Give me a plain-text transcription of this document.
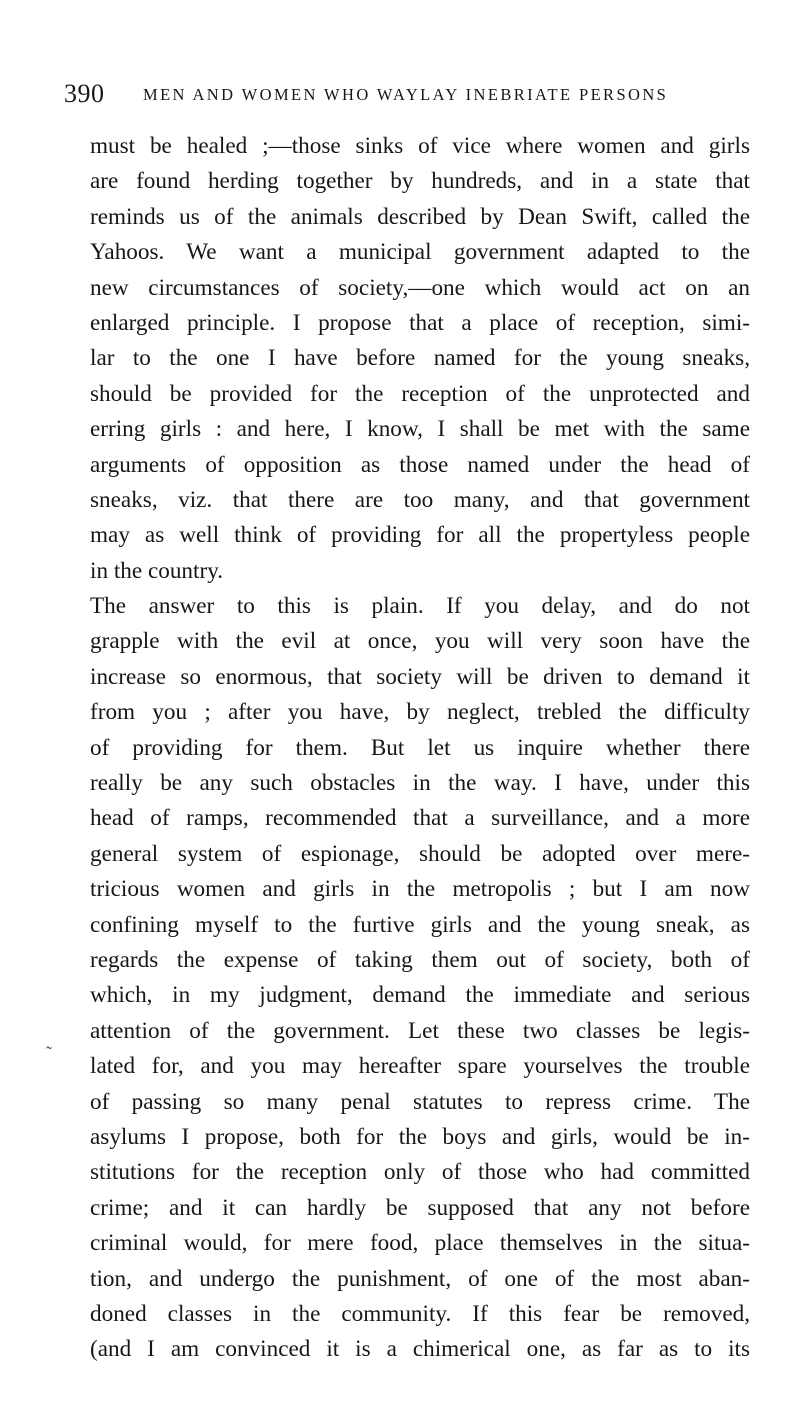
390 MEN AND WOMEN WHO WAYLAY INEBRIATE PERSONS
˜
must be healed ;—those sinks of vice where women and girls
are found herding together by hundreds, and in a state that
reminds us of the animals described by Dean Swift, called the
Yahoos. We want a municipal government adapted to the
new circumstances of society,—one which would act on an
enlarged principle. I propose that a place of reception, simi-
lar to the one I have before named for the young sneaks,
should be provided for the reception of the unprotected and
erring girls : and here, I know, I shall be met with the same
arguments of opposition as those named under the head of
sneaks, viz. that there are too many, and that government
may as well think of providing for all the propertyless people
in the country.
The answer to this is plain. If you delay, and do not
grapple with the evil at once, you will very soon have the
increase so enormous, that society will be driven to demand it
from you ; after you have, by neglect, trebled the difficulty
of providing for them. But let us inquire whether there
really be any such obstacles in the way. I have, under this
head of ramps, recommended that a surveillance, and a more
general system of espionage, should be adopted over mere-
tricious women and girls in the metropolis ; but I am now
confining myself to the furtive girls and the young sneak, as
regards the expense of taking them out of society, both of
which, in my judgment, demand the immediate and serious
attention of the government. Let these two classes be legis-
lated for, and you may hereafter spare yourselves the trouble
of passing so many penal statutes to repress crime. The
asylums I propose, both for the boys and girls, would be in-
stitutions for the reception only of those who had committed
crime; and it can hardly be supposed that any not before
criminal would, for mere food, place themselves in the situa-
tion, and undergo the punishment, of one of the most aban-
doned classes in the community. If this fear be removed,
(and I am convinced it is a chimerical one, as far as to its
